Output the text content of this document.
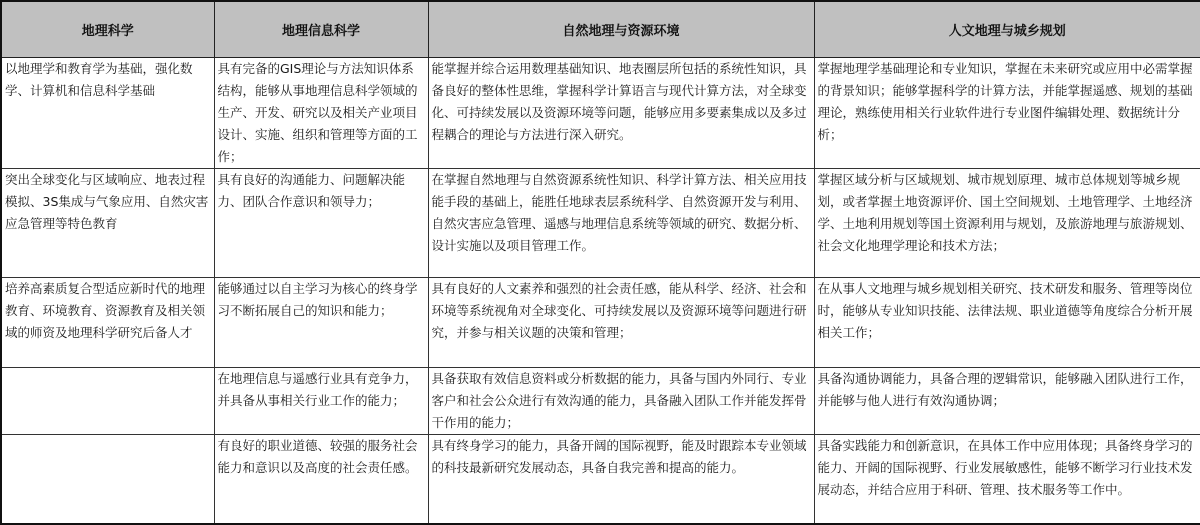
地理科学	地理信息科学	自然地理与资源环境	人文地理与城乡规划
以地理学和教育学为基础，强化数学、计算机和信息科学基础	具有完备的GIS理论与方法知识体系结构，能够从事地理信息科学领域的生产、开发、研究以及相关产业项目设计、实施、组织和管理等方面的工作；	能掌握并综合运用数理基础知识、地表圈层所包括的系统性知识，具备良好的整体性思维，掌握科学计算语言与现代计算方法，对全球变化、可持续发展以及资源环境等问题，能够应用多要素集成以及多过程耦合的理论与方法进行深入研究。	掌握地理学基础理论和专业知识，掌握在未来研究或应用中必需掌握的背景知识；能够掌握科学的计算方法，并能掌握遥感、规划的基础理论，熟练使用相关行业软件进行专业图件编辑处理、数据统计分析；
突出全球变化与区域响应、地表过程模拟、3S集成与气象应用、自然灾害应急管理等特色教育	具有良好的沟通能力、问题解决能力、团队合作意识和领导力；	在掌握自然地理与自然资源系统性知识、科学计算方法、相关应用技能手段的基础上，能胜任地球表层系统科学、自然资源开发与利用、自然灾害应急管理、遥感与地理信息系统等领域的研究、数据分析、设计实施以及项目管理工作。	掌握区域分析与区域规划、城市规划原理、城市总体规划等城乡规划，或者掌握土地资源评价、国土空间规划、土地管理学、土地经济学、土地利用规划等国土资源利用与规划，及旅游地理与旅游规划、社会文化地理学理论和技术方法；
培养高素质复合型适应新时代的地理教育、环境教育、资源教育及相关领域的师资及地理科学研究后备人才	能够通过以自主学习为核心的终身学习不断拓展自己的知识和能力；	具有良好的人文素养和强烈的社会责任感，能从科学、经济、社会和环境等系统视角对全球变化、可持续发展以及资源环境等问题进行研究，并参与相关议题的决策和管理；	在从事人文地理与城乡规划相关研究、技术研发和服务、管理等岗位时，能够从专业知识技能、法律法规、职业道德等角度综合分析开展相关工作；
	在地理信息与遥感行业具有竞争力，并具备从事相关行业工作的能力；	具备获取有效信息资料或分析数据的能力，具备与国内外同行、专业客户和社会公众进行有效沟通的能力，具备融入团队工作并能发挥骨干作用的能力；	具备沟通协调能力，具备合理的逻辑常识，能够融入团队进行工作，并能够与他人进行有效沟通协调；
	有良好的职业道德、较强的服务社会能力和意识以及高度的社会责任感。	具有终身学习的能力，具备开阔的国际视野，能及时跟踪本专业领域的科技最新研究发展动态，具备自我完善和提高的能力。	具备实践能力和创新意识，在具体工作中应用体现；具备终身学习的能力、开阔的国际视野、行业发展敏感性，能够不断学习行业技术发展动态，并结合应用于科研、管理、技术服务等工作中。
